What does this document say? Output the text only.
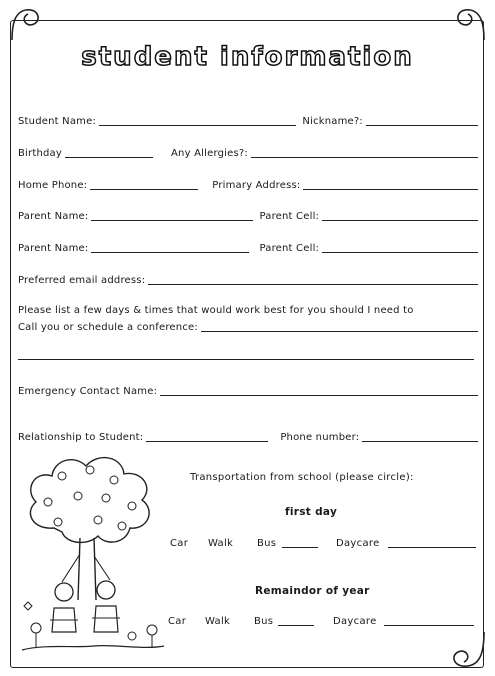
student information
Student Name:	Nickname?:
Birthday	Any Allergies?:
Home Phone:	Primary Address:
Parent Name:	Parent Cell:
Parent Name:	Parent Cell:
Preferred email address:
Please list a few days & times that would work best for you should I need to
Call you or schedule a conference:
Emergency Contact Name:
Relationship to Student:	Phone number:
Transportation from school (please circle):
first day
Car Walk Bus	Daycare
Remaindor of year
Car Walk Bus	Daycare
